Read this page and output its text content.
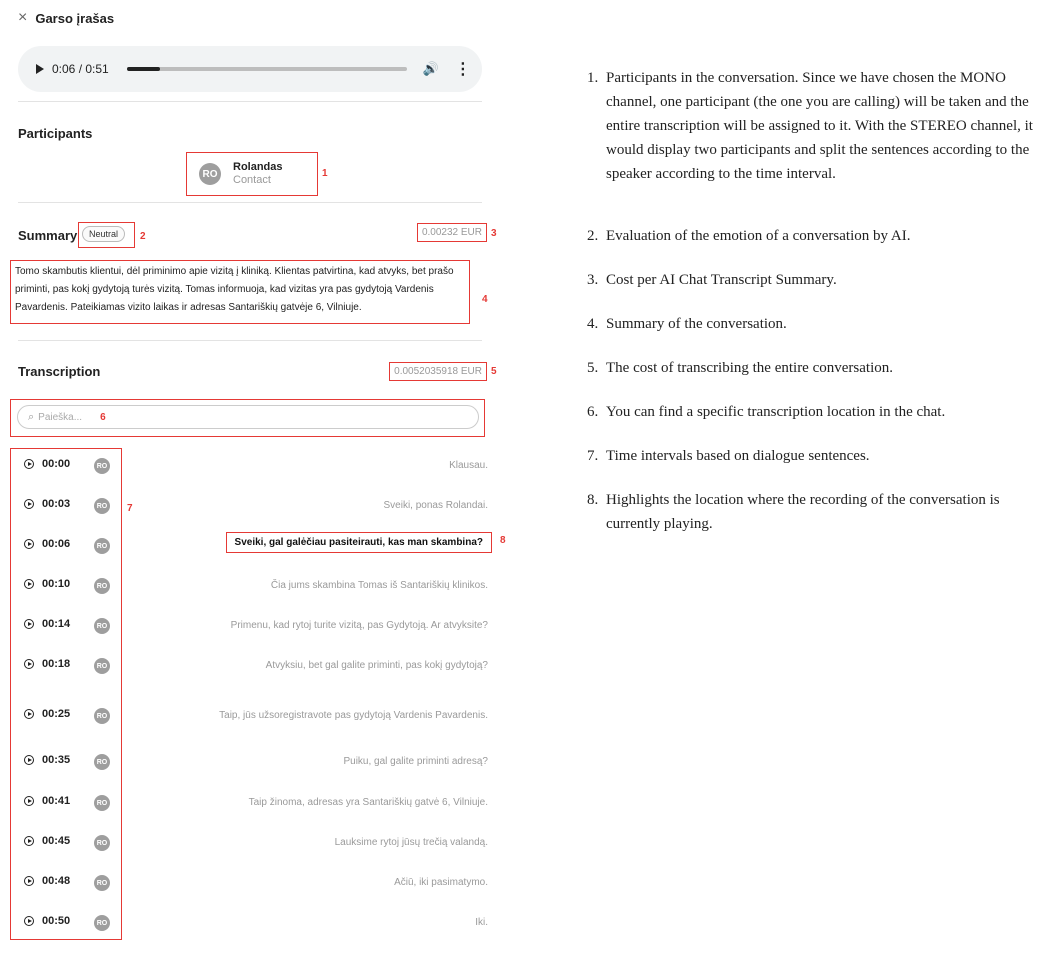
× Garso įrašas
0:06 / 0:51	🔊 ⋮
Participants
RO
Rolandas
Contact
1
Summary	Neutral	2	0.00232 EUR 3
Tomo skambutis klientui, dėl priminimo apie vizitą į kliniką. Klientas patvirtina, kad atvyks, bet prašo priminti, pas kokį gydytoją turės vizitą. Tomas informuoja, kad vizitas yra pas gydytoją Vardenis Pavardenis. Pateikiamas vizito laikas ir adresas Santariškių gatvėje 6, Vilniuje.
4
Transcription	0.0052035918 EUR 5
⌕ Paieška... 6
7
00:00	RO	Klausau.
00:03	RO	Sveiki, ponas Rolandai.
00:06	RO	Sveiki, gal galėčiau pasiteirauti, kas man skambina?	8
00:10	RO	Čia jums skambina Tomas iš Santariškių klinikos.
00:14	RO	Primenu, kad rytoj turite vizitą, pas Gydytoją. Ar atvyksite?
00:18	RO	Atvyksiu, bet gal galite priminti, pas kokį gydytoją?
00:25	RO	Taip, jūs užsoregistravote pas gydytoją Vardenis Pavardenis.
00:35	RO	Puiku, gal galite priminti adresą?
00:41	RO	Taip žinoma, adresas yra Santariškių gatvė 6, Vilniuje.
00:45	RO	Lauksime rytoj jūsų trečią valandą.
00:48	RO	Ačiū, iki pasimatymo.
00:50	RO	Iki.
1. Participants in the conversation. Since we have chosen the MONO channel, one participant (the one you are calling) will be taken and the entire transcription will be assigned to it. With the STEREO channel, it would display two participants and split the sentences according to the speaker according to the time interval.
2. Evaluation of the emotion of a conversation by AI.
3. Cost per AI Chat Transcript Summary.
4. Summary of the conversation.
5. The cost of transcribing the entire conversation.
6. You can find a specific transcription location in the chat.
7. Time intervals based on dialogue sentences.
8. Highlights the location where the recording of the conversation is currently playing.
